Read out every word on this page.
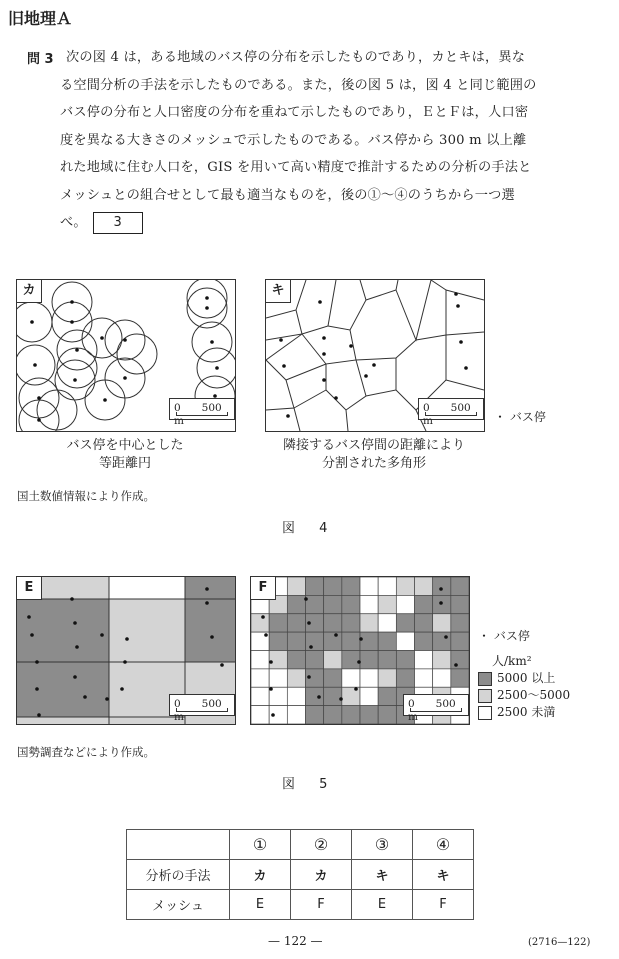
旧地理Ａ
問 3 次の図 4 は，ある地域のバス停の分布を示したものであり，カとキは，異な
る空間分析の手法を示したものである。また，後の図 5 は，図 4 と同じ範囲の
バス停の分布と人口密度の分布を重ねて示したものであり，ＥとＦは，人口密
度を異なる大きさのメッシュで示したものである。バス停から 300 m 以上離
れた地域に住む人口を，GIS を用いて高い精度で推計するための分析の手法と
メッシュとの組合せとして最も適当なものを，後の①～④のうちから一つ選
べ。 3
カ
0　　500 m
キ
0　　500 m	・ バス停
バス停を中心とした
等距離円
隣接するバス停間の距離により
分割された多角形
国土数値情報により作成。
図 4
E
0　　500 m
F
0　　500 m
・ バス停
人/km²
5000 以上
2500～5000
2500 未満
国勢調査などにより作成。
図 5
	①	②	③	④
分析の手法	カ	カ	キ	キ
メッシュ	E	F	E	F
— 122 —	(2716—122)
